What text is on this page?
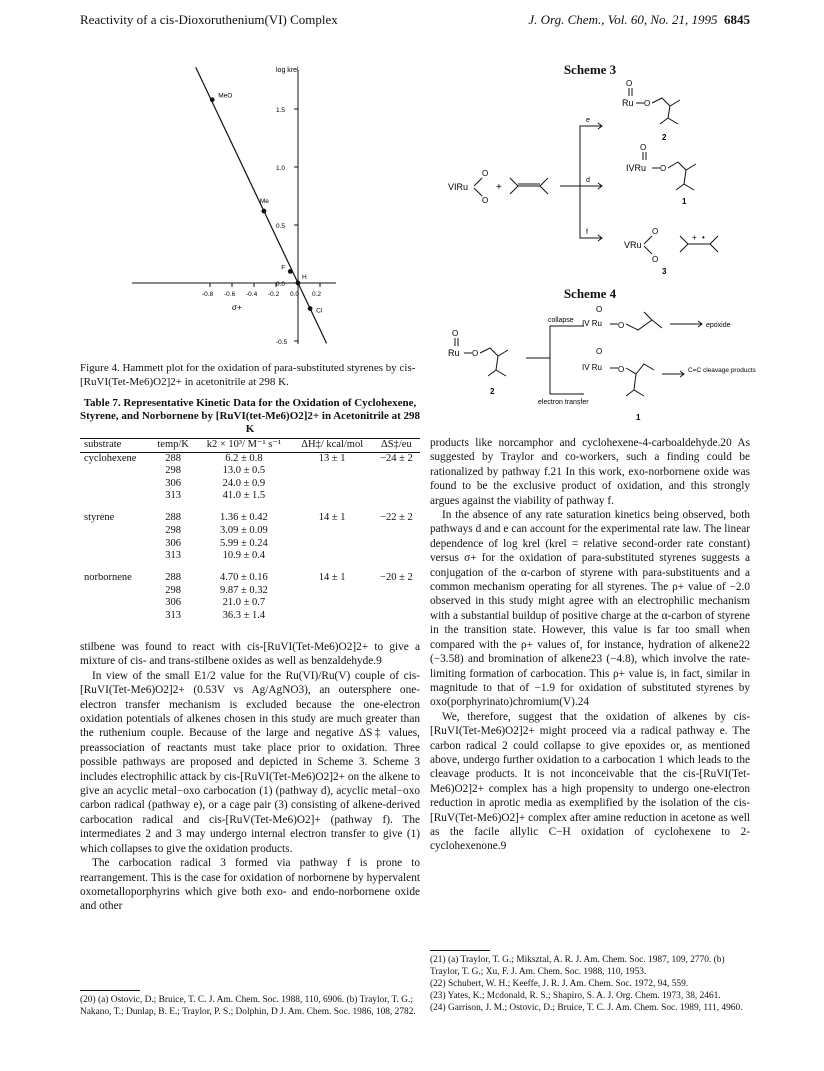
Reactivity of a cis-Dioxoruthenium(VI) Complex	J. Org. Chem., Vol. 60, No. 21, 1995 6845
-0.8 -0.6 -0.4 -0.2 0.0 0.2
1.5
1.0
0.5
0.0
-0.5
MeO
Me
F
H
Cl
log krel
σ+
Figure 4. Hammett plot for the oxidation of para-substituted styrenes by cis-[RuVI(Tet-Me6)O2]2+ in acetonitrile at 298 K.
Table 7. Representative Kinetic Data for the Oxidation of Cyclohexene, Styrene, and Norbornene by [RuVI(tet-Me6)O2]2+ in Acetonitrile at 298 K
substrate	temp/K	k2 × 10³/ M⁻¹ s⁻¹	ΔH‡/ kcal/mol	ΔS‡/eu
cyclohexene	288	6.2 ± 0.8	13 ± 1	−24 ± 2
	298	13.0 ± 0.5		
	306	24.0 ± 0.9		
	313	41.0 ± 1.5		
styrene	288	1.36 ± 0.42	14 ± 1	−22 ± 2
	298	3.09 ± 0.09		
	306	5.99 ± 0.24		
	313	10.9 ± 0.4		
norbornene	288	4.70 ± 0.16	14 ± 1	−20 ± 2
	298	9.87 ± 0.32		
	306	21.0 ± 0.7		
	313	36.3 ± 1.4		

stilbene was found to react with cis-[RuVI(Tet-Me6)O2]2+ to give a mixture of cis- and trans-stilbene oxides as well as benzaldehyde.9

In view of the small E1/2 value for the Ru(VI)/Ru(V) couple of cis-[RuVI(Tet-Me6)O2]2+ (0.53V vs Ag/AgNO3), an outersphere one-electron transfer mechanism is excluded because the one-electron oxidation potentials of alkenes chosen in this study are much greater than the ruthenium couple. Because of the large and negative ΔS‡ values, preassociation of reactants must take place prior to oxidation. Three possible pathways are proposed and depicted in Scheme 3. Scheme 3 includes electrophilic attack by cis-[RuVI(Tet-Me6)O2]2+ on the alkene to give an acyclic metal−oxo carbocation (1) (pathway d), acyclic metal−oxo carbon radical (pathway e), or a cage pair (3) consisting of alkene-derived carbocation radical and cis-[RuV(Tet-Me6)O2]+ (pathway f). The intermediates 2 and 3 may undergo internal electron transfer to give (1) which collapses to give the oxidation products.

The carbocation radical 3 formed via pathway f is prone to rearrangement. This is the case for oxidation of norbornene by hypervalent oxometalloporphyrins which give both exo- and endo-norbornene oxide and other

(20) (a) Ostovic, D.; Bruice, T. C. J. Am. Chem. Soc. 1988, 110, 6906. (b) Traylor, T. G.; Nakano, T.; Dunlap, B. E.; Traylor, P. S.; Dolphin, D J. Am. Chem. Soc. 1986, 108, 2782.
Scheme 3
VIRu
O
O
+
e
d
f
O
Ru O
2
O
IVRu O
1
VRu
O
O
+ •
3
Scheme 4
O
Ru O
2
collapse
electron transfer
O
IV Ru O	epoxide
O
IV Ru O	C=C cleavage products
1

products like norcamphor and cyclohexene-4-carboaldehyde.20 As suggested by Traylor and co-workers, such a finding could be rationalized by pathway f.21 In this work, exo-norbornene oxide was found to be the exclusive product of oxidation, and this strongly argues against the viability of pathway f.

In the absence of any rate saturation kinetics being observed, both pathways d and e can account for the experimental rate law. The linear dependence of log krel (krel = relative second-order rate constant) versus σ+ for the oxidation of para-substituted styrenes suggests a conjugation of the α-carbon of styrene with para-substituents and a common mechanism operating for all styrenes. The ρ+ value of −2.0 observed in this study might agree with an electrophilic mechanism with a substantial buildup of positive charge at the α-carbon of styrene in the transition state. However, this value is far too small when compared with the ρ+ values of, for instance, hydration of alkene22 (−3.58) and bromination of alkene23 (−4.8), which involve the rate-limiting formation of carbocation. This ρ+ value is, in fact, similar in magnitude to that of −1.9 for oxidation of substituted styrenes by oxo(porphyrinato)chromium(V).24

We, therefore, suggest that the oxidation of alkenes by cis-[RuVI(Tet-Me6)O2]2+ might proceed via a radical pathway e. The carbon radical 2 could collapse to give epoxides or, as mentioned above, undergo further oxidation to a carbocation 1 which leads to the cleavage products. It is not inconceivable that the cis-[RuVI(Tet-Me6)O2]2+ complex has a high propensity to undergo one-electron reduction in aprotic media as exemplified by the isolation of the cis-[RuV(Tet-Me6)O2]+ complex after amine reduction in acetone as well as the facile allylic C−H oxidation of cyclohexene to 2-cyclohexenone.9

(21) (a) Traylor, T. G.; Miksztal, A. R. J. Am. Chem. Soc. 1987, 109, 2770. (b) Traylor, T. G.; Xu, F. J. Am. Chem. Soc. 1988, 110, 1953.
(22) Schubert, W. H.; Keeffe, J. R. J. Am. Chem. Soc. 1972, 94, 559.
(23) Yates, K.; Mcdonald, R. S.; Shapiro, S. A. J. Org. Chem. 1973, 38, 2461.
(24) Garrison, J. M.; Ostovic, D.; Bruice, T. C. J. Am. Chem. Soc. 1989, 111, 4960.
